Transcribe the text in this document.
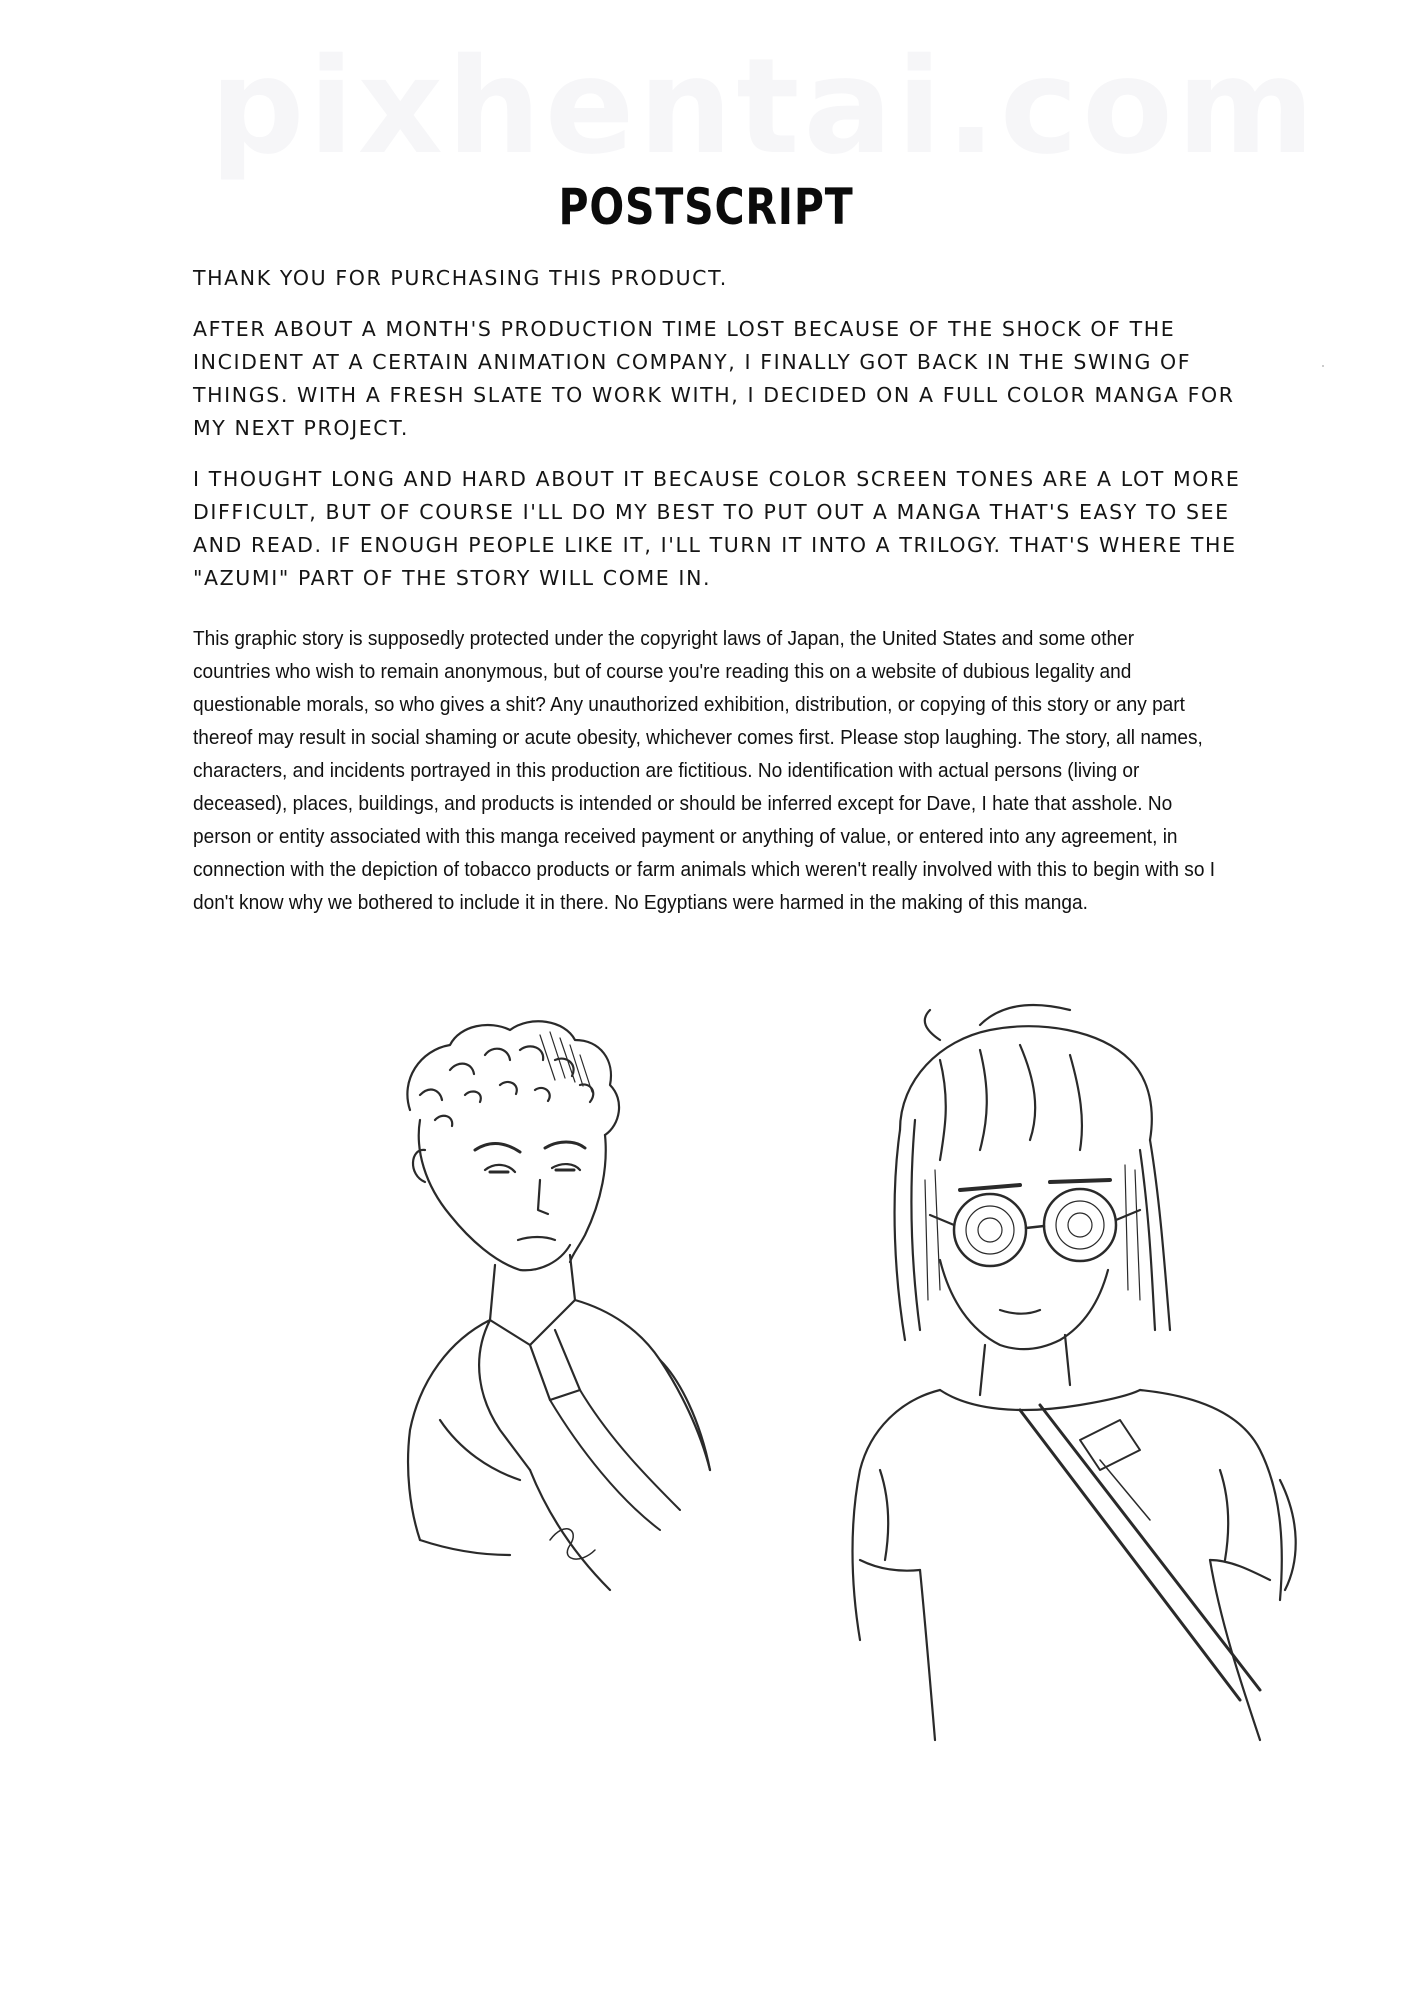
pixhentai.com
POSTSCRIPT

THANK YOU FOR PURCHASING THIS PRODUCT.

AFTER ABOUT A MONTH'S PRODUCTION TIME LOST BECAUSE OF THE SHOCK OF THE INCIDENT AT A CERTAIN ANIMATION COMPANY, I FINALLY GOT BACK IN THE SWING OF THINGS. WITH A FRESH SLATE TO WORK WITH, I DECIDED ON A FULL COLOR MANGA FOR MY NEXT PROJECT.

I THOUGHT LONG AND HARD ABOUT IT BECAUSE COLOR SCREEN TONES ARE A LOT MORE DIFFICULT, BUT OF COURSE I'LL DO MY BEST TO PUT OUT A MANGA THAT'S EASY TO SEE AND READ. IF ENOUGH PEOPLE LIKE IT, I'LL TURN IT INTO A TRILOGY. THAT'S WHERE THE "AZUMI" PART OF THE STORY WILL COME IN.

This graphic story is supposedly protected under the copyright laws of Japan, the United States and some other countries who wish to remain anonymous, but of course you're reading this on a website of dubious legality and questionable morals, so who gives a shit? Any unauthorized exhibition, distribution, or copying of this story or any part thereof may result in social shaming or acute obesity, whichever comes first. Please stop laughing. The story, all names, characters, and incidents portrayed in this production are fictitious. No identification with actual persons (living or deceased), places, buildings, and products is intended or should be inferred except for Dave, I hate that asshole. No person or entity associated with this manga received payment or anything of value, or entered into any agreement, in connection with the depiction of tobacco products or farm animals which weren't really involved with this to begin with so I don't know why we bothered to include it in there. No Egyptians were harmed in the making of this manga.
